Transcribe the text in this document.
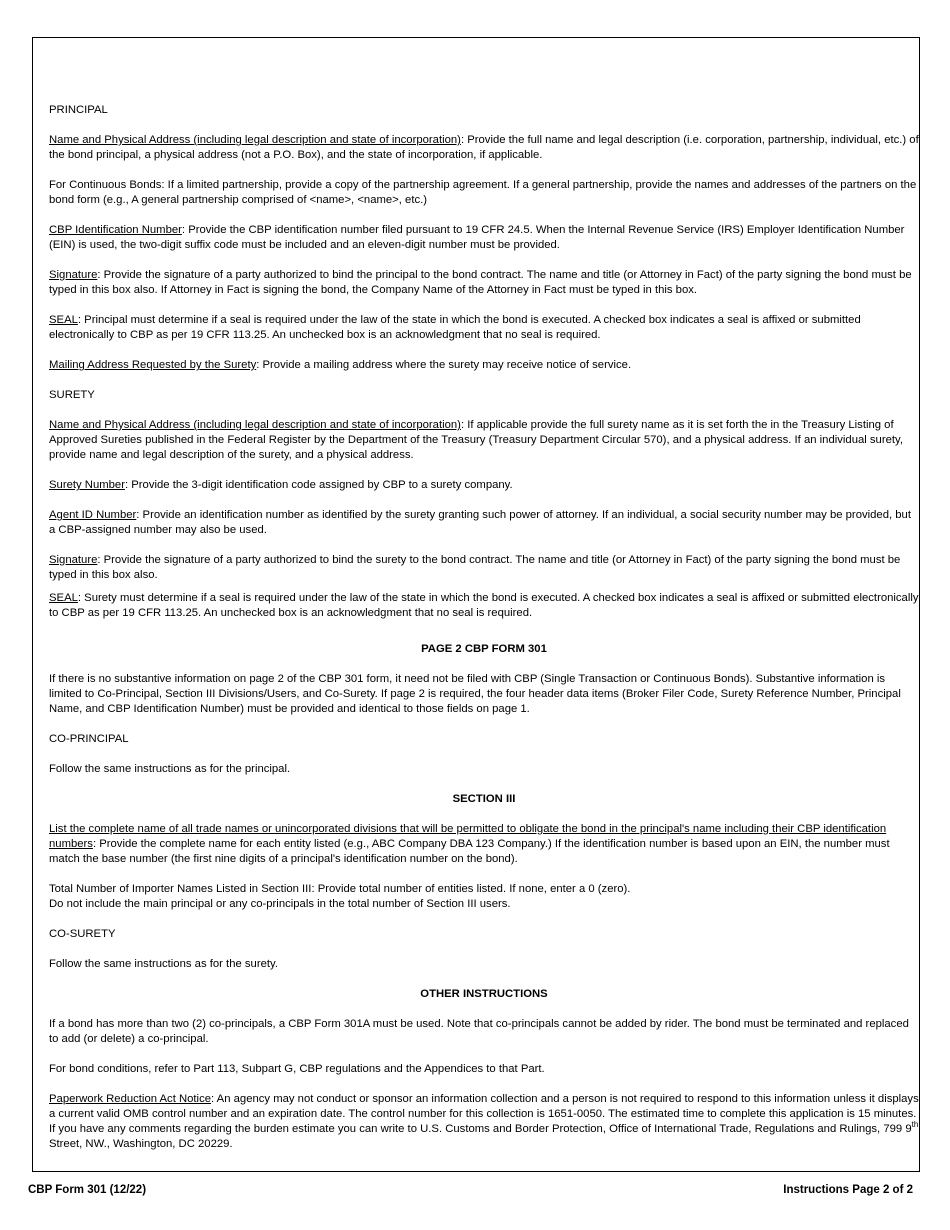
PRINCIPAL

Name and Physical Address (including legal description and state of incorporation): Provide the full name and legal description (i.e. corporation, partnership, individual, etc.) of the bond principal, a physical address (not a P.O. Box), and the state of incorporation, if applicable.

For Continuous Bonds: If a limited partnership, provide a copy of the partnership agreement. If a general partnership, provide the names and addresses of the partners on the bond form (e.g., A general partnership comprised of <name>, <name>, etc.)

CBP Identification Number: Provide the CBP identification number filed pursuant to 19 CFR 24.5. When the Internal Revenue Service (IRS) Employer Identification Number (EIN) is used, the two-digit suffix code must be included and an eleven-digit number must be provided.

Signature: Provide the signature of a party authorized to bind the principal to the bond contract. The name and title (or Attorney in Fact) of the party signing the bond must be typed in this box also. If Attorney in Fact is signing the bond, the Company Name of the Attorney in Fact must be typed in this box.

SEAL: Principal must determine if a seal is required under the law of the state in which the bond is executed. A checked box indicates a seal is affixed or submitted electronically to CBP as per 19 CFR 113.25. An unchecked box is an acknowledgment that no seal is required.

Mailing Address Requested by the Surety: Provide a mailing address where the surety may receive notice of service.

SURETY

Name and Physical Address (including legal description and state of incorporation): If applicable provide the full surety name as it is set forth the in the Treasury Listing of Approved Sureties published in the Federal Register by the Department of the Treasury (Treasury Department Circular 570), and a physical address. If an individual surety, provide name and legal description of the surety, and a physical address.

Surety Number: Provide the 3-digit identification code assigned by CBP to a surety company.

Agent ID Number: Provide an identification number as identified by the surety granting such power of attorney. If an individual, a social security number may be provided, but a CBP-assigned number may also be used.

Signature: Provide the signature of a party authorized to bind the surety to the bond contract. The name and title (or Attorney in Fact) of the party signing the bond must be typed in this box also.

SEAL: Surety must determine if a seal is required under the law of the state in which the bond is executed. A checked box indicates a seal is affixed or submitted electronically to CBP as per 19 CFR 113.25. An unchecked box is an acknowledgment that no seal is required.

PAGE 2 CBP FORM 301

If there is no substantive information on page 2 of the CBP 301 form, it need not be filed with CBP (Single Transaction or Continuous Bonds). Substantive information is limited to Co-Principal, Section III Divisions/Users, and Co-Surety. If page 2 is required, the four header data items (Broker Filer Code, Surety Reference Number, Principal Name, and CBP Identification Number) must be provided and identical to those fields on page 1.

CO-PRINCIPAL

Follow the same instructions as for the principal.

SECTION III

List the complete name of all trade names or unincorporated divisions that will be permitted to obligate the bond in the principal's name including their CBP identification numbers: Provide the complete name for each entity listed (e.g., ABC Company DBA 123 Company.) If the identification number is based upon an EIN, the number must match the base number (the first nine digits of a principal's identification number on the bond).

Total Number of Importer Names Listed in Section III: Provide total number of entities listed. If none, enter a 0 (zero).
Do not include the main principal or any co-principals in the total number of Section III users.

CO-SURETY

Follow the same instructions as for the surety.

OTHER INSTRUCTIONS

If a bond has more than two (2) co-principals, a CBP Form 301A must be used. Note that co-principals cannot be added by rider. The bond must be terminated and replaced to add (or delete) a co-principal.

For bond conditions, refer to Part 113, Subpart G, CBP regulations and the Appendices to that Part.

Paperwork Reduction Act Notice: An agency may not conduct or sponsor an information collection and a person is not required to respond to this information unless it displays a current valid OMB control number and an expiration date. The control number for this collection is 1651-0050. The estimated time to complete this application is 15 minutes. If you have any comments regarding the burden estimate you can write to U.S. Customs and Border Protection, Office of International Trade, Regulations and Rulings, 799 9th Street, NW., Washington, DC 20229.

CBP Form 301 (12/22)	Instructions Page 2 of 2
